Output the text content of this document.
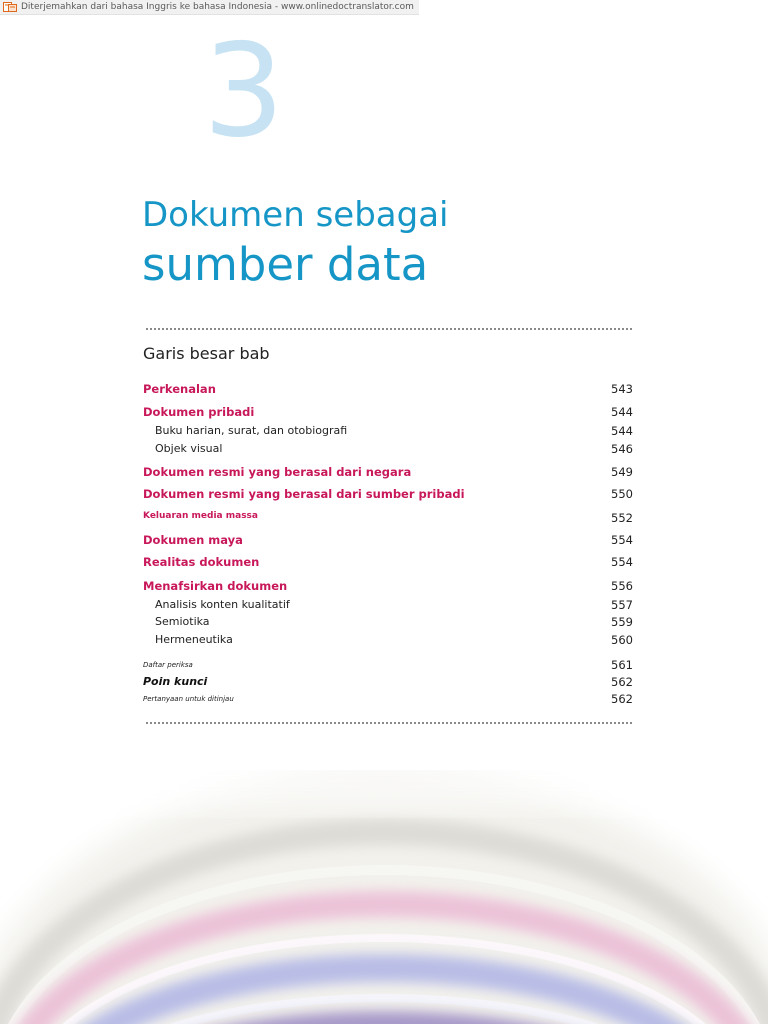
Diterjemahkan dari bahasa Inggris ke bahasa Indonesia - www.onlinedoctranslator.com
3
Dokumen sebagai
sumber data
Garis besar bab
Perkenalan	543
Dokumen pribadi	544
Buku harian, surat, dan otobiografi	544
Objek visual	546
Dokumen resmi yang berasal dari negara	549
Dokumen resmi yang berasal dari sumber pribadi	550
Keluaran media massa	552
Dokumen maya	554
Realitas dokumen	554
Menafsirkan dokumen	556
Analisis konten kualitatif	557
Semiotika	559
Hermeneutika	560
Daftar periksa	561
Poin kunci	562
Pertanyaan untuk ditinjau	562
